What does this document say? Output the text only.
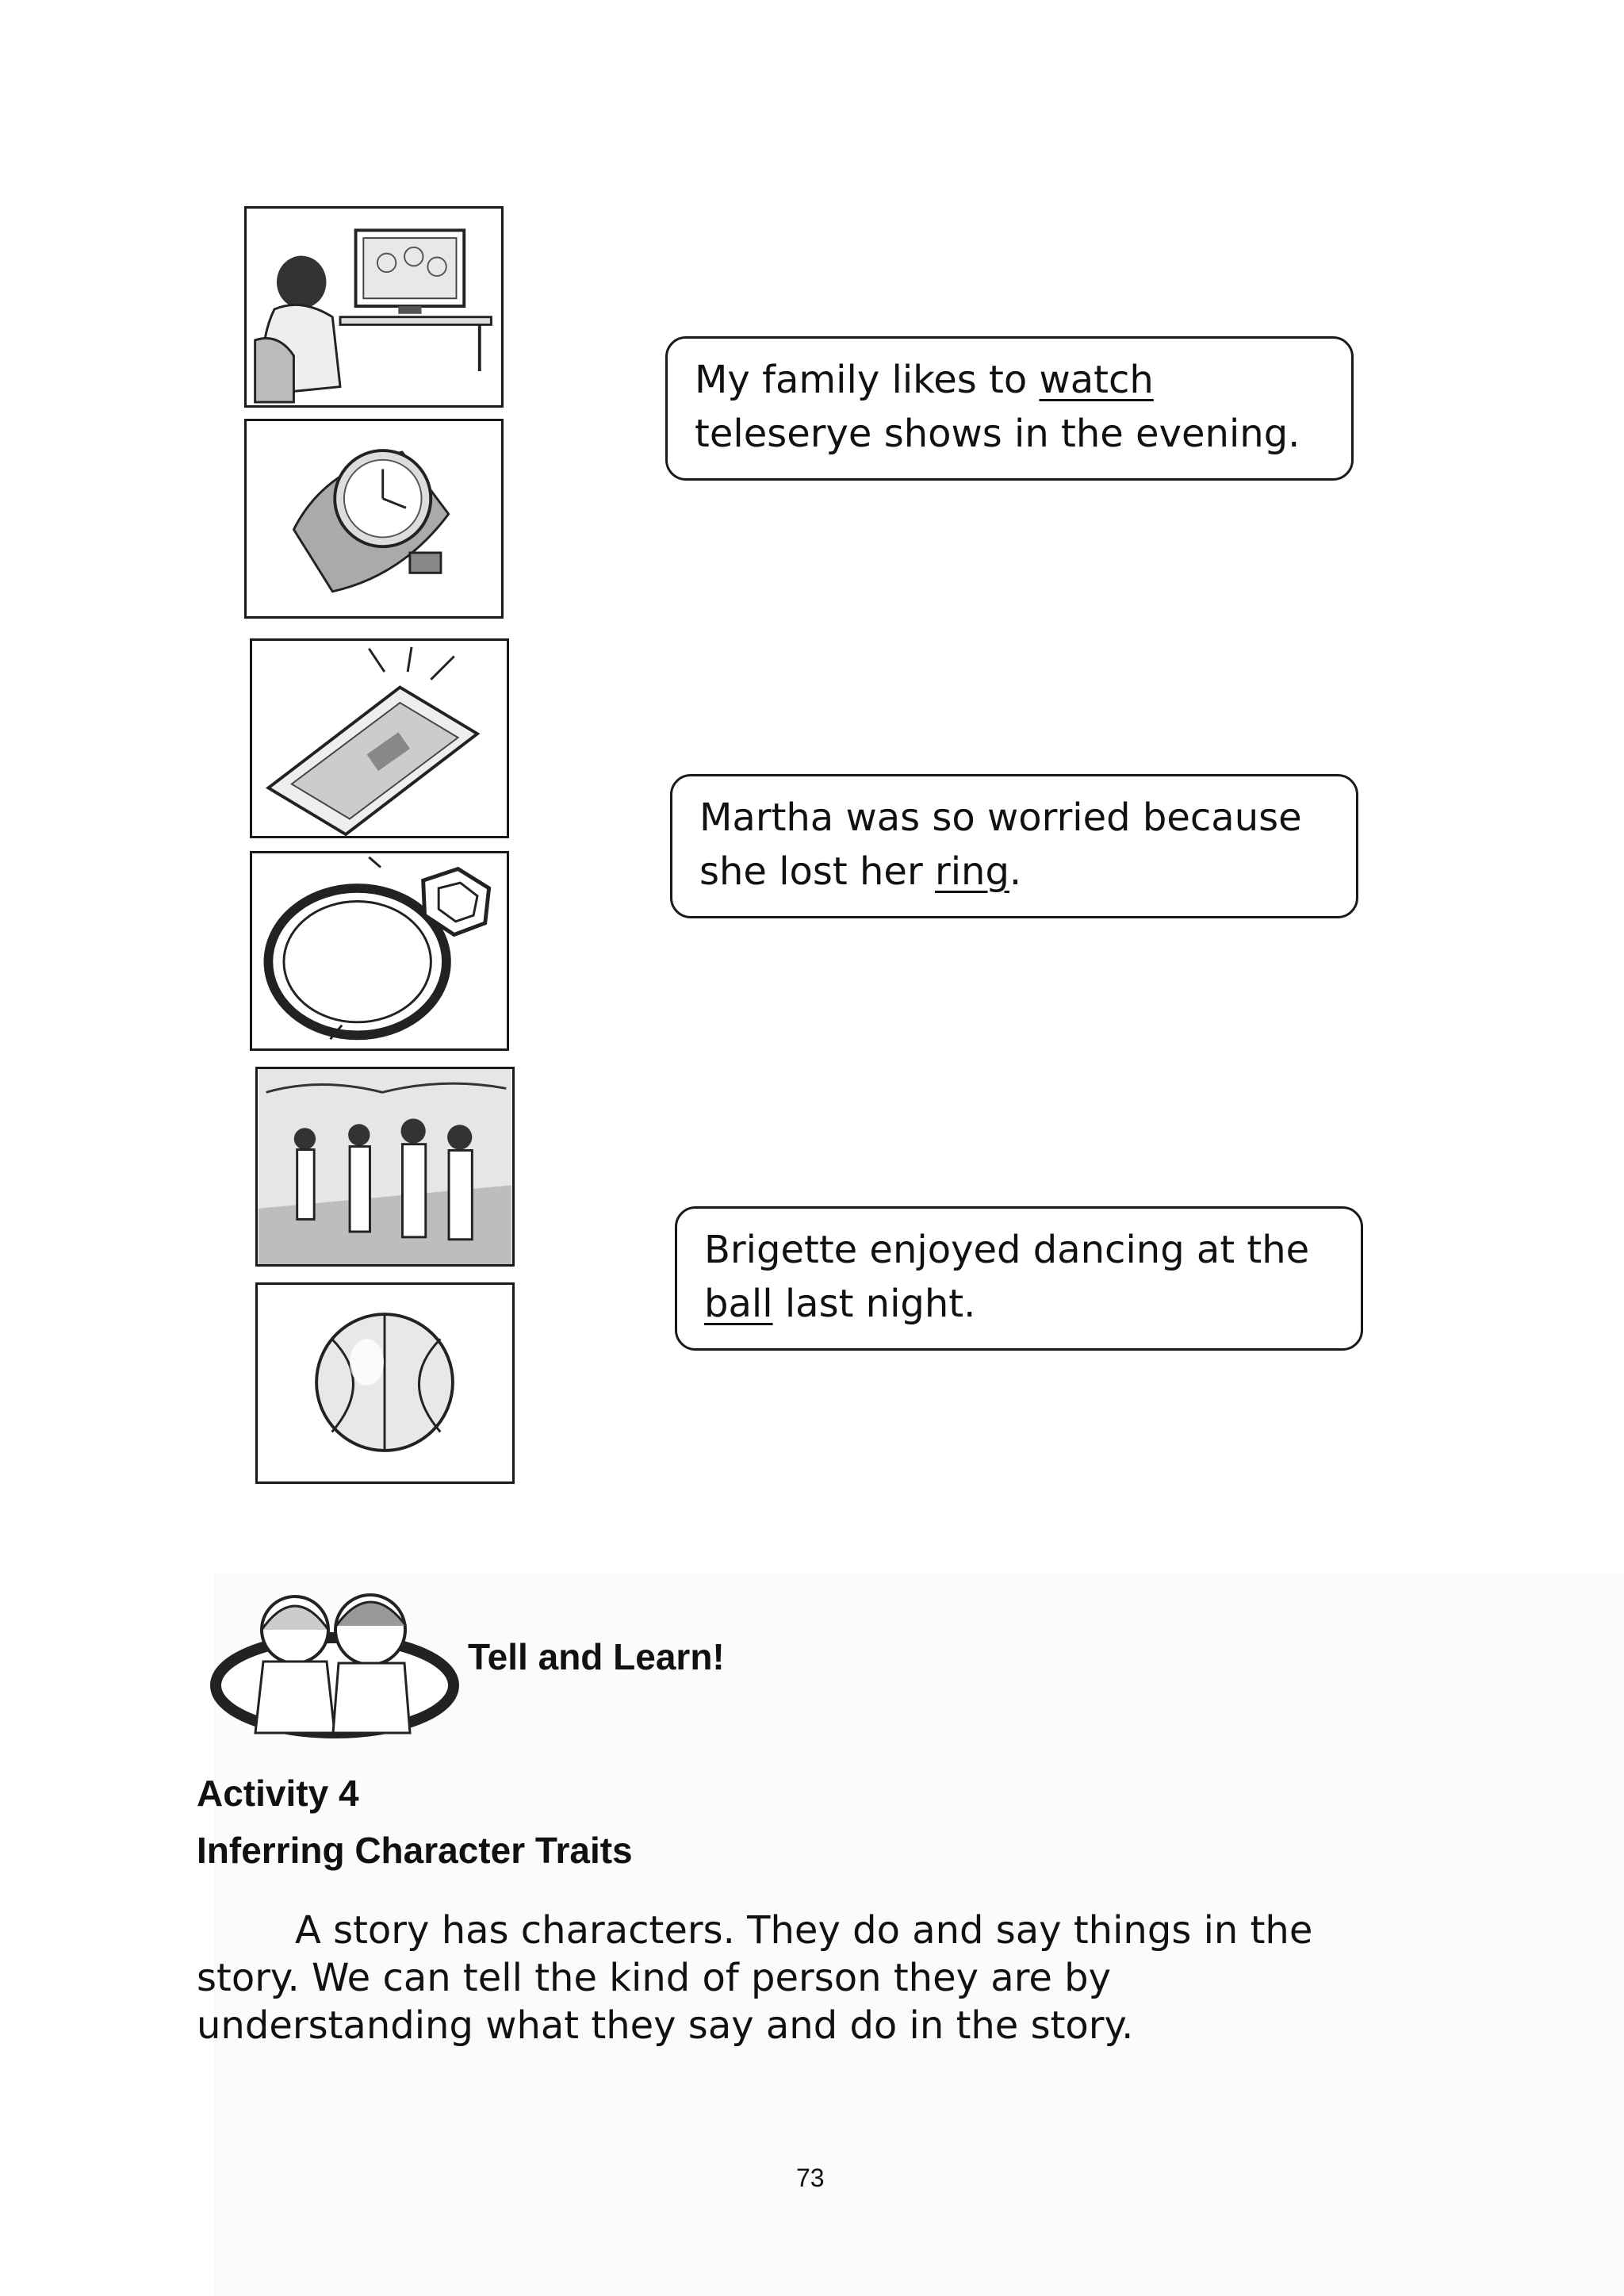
My family likes to watch teleserye shows in the evening.
Martha was so worried because she lost her ring.
Brigette enjoyed dancing at the ball last night.
Tell and Learn!
Activity 4
Inferring Character Traits
A story has characters. They do and say things in the story. We can tell the kind of person they are by understanding what they say and do in the story.
73
